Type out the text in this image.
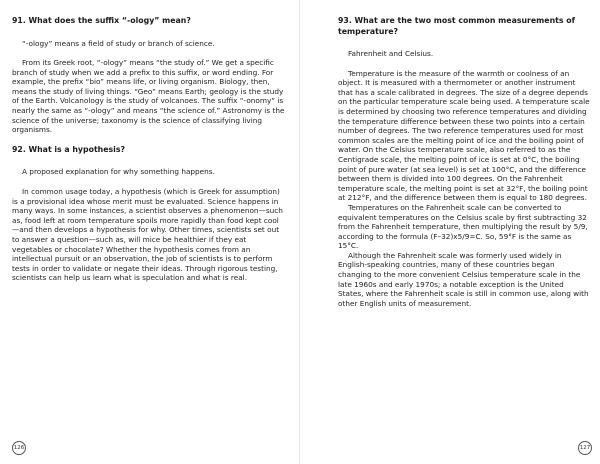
91. What does the suffix “-ology” mean?
“-ology” means a field of study or branch of science.
From its Greek root, “-ology” means “the study of.” We get a specific branch of study when we add a prefix to this suffix, or word ending. For example, the prefix “bio” means life, or living organism. Biology, then, means the study of living things. “Geo” means Earth; geology is the study of the Earth. Volcanology is the study of volcanoes. The suffix “-onomy” is nearly the same as “-ology” and means “the science of.” Astronomy is the science of the universe; taxonomy is the science of classifying living organisms.
92. What is a hypothesis?
A proposed explanation for why something happens.
In common usage today, a hypothesis (which is Greek for assumption) is a provisional idea whose merit must be evaluated. Science happens in many ways. In some instances, a scientist observes a phenomenon—such as, food left at room temperature spoils more rapidly than food kept cool—and then develops a hypothesis for why. Other times, scientists set out to answer a question—such as, will mice be healthier if they eat vegetables or chocolate? Whether the hypothesis comes from an intellectual pursuit or an observation, the job of scientists is to perform tests in order to validate or negate their ideas. Through rigorous testing, scientists can help us learn what is speculation and what is real.
93. What are the two most common measurements of temperature?
Fahrenheit and Celsius.
Temperature is the measure of the warmth or coolness of an object. It is measured with a thermometer or another instrument that has a scale calibrated in degrees. The size of a degree depends on the particular temperature scale being used. A temperature scale is determined by choosing two reference temperatures and dividing the temperature difference between these two points into a certain number of degrees. The two reference temperatures used for most common scales are the melting point of ice and the boiling point of water. On the Celsius temperature scale, also referred to as the Centigrade scale, the melting point of ice is set at 0°C, the boiling point of pure water (at sea level) is set at 100°C, and the difference between them is divided into 100 degrees. On the Fahrenheit temperature scale, the melting point is set at 32°F, the boiling point at 212°F, and the difference between them is equal to 180 degrees.
Temperatures on the Fahrenheit scale can be converted to equivalent temperatures on the Celsius scale by first subtracting 32 from the Fahrenheit temperature, then multiplying the result by 5/9, according to the formula (F–32)x5/9=C. So, 59°F is the same as 15°C.
Although the Fahrenheit scale was formerly used widely in English-speaking countries, many of these countries began changing to the more convenient Celsius temperature scale in the late 1960s and early 1970s; a notable exception is the United States, where the Fahrenheit scale is still in common use, along with other English units of measurement.
126	127
